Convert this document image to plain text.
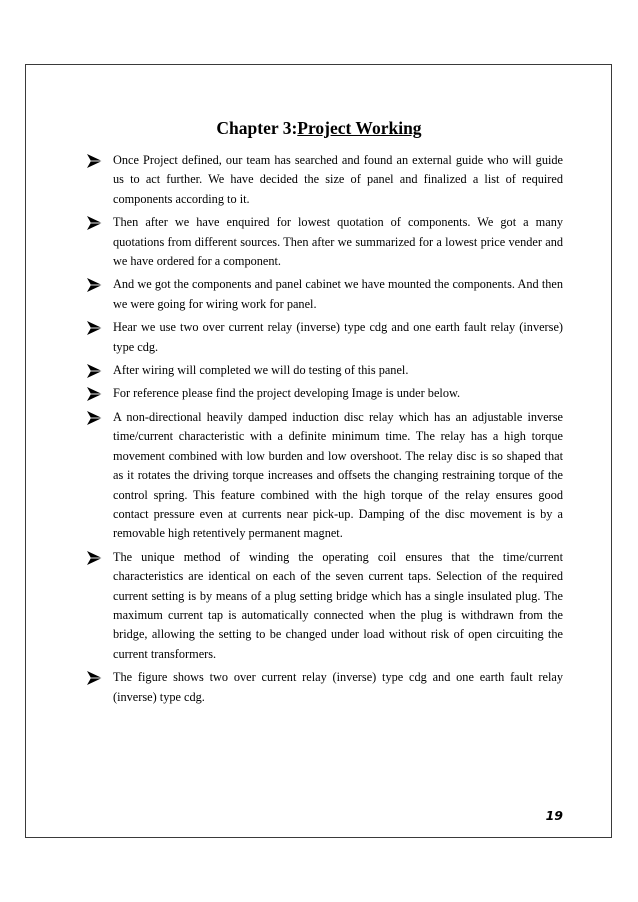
Chapter 3:Project Working
Once Project defined, our team has searched and found an external guide who will guide us to act further. We have decided the size of panel and finalized a list of required components according to it.
Then after we have enquired for lowest quotation of components. We got a many quotations from different sources. Then after we summarized for a lowest price vender and we have ordered for a component.
And we got the components and panel cabinet we have mounted the components. And then we were going for wiring work for panel.
Hear we use two over current relay (inverse) type cdg and one earth fault relay (inverse) type cdg.
After wiring will completed we will do testing of this panel.
For reference please find the project developing Image is under below.
A non-directional heavily damped induction disc relay which has an adjustable inverse time/current characteristic with a definite minimum time. The relay has a high torque movement combined with low burden and low overshoot. The relay disc is so shaped that as it rotates the driving torque increases and offsets the changing restraining torque of the control spring. This feature combined with the high torque of the relay ensures good contact pressure even at currents near pick-up. Damping of the disc movement is by a removable high retentively permanent magnet.
The unique method of winding the operating coil ensures that the time/current characteristics are identical on each of the seven current taps. Selection of the required current setting is by means of a plug setting bridge which has a single insulated plug. The maximum current tap is automatically connected when the plug is withdrawn from the bridge, allowing the setting to be changed under load without risk of open circuiting the current transformers.
The figure shows two over current relay (inverse) type cdg and one earth fault relay (inverse) type cdg.
19
